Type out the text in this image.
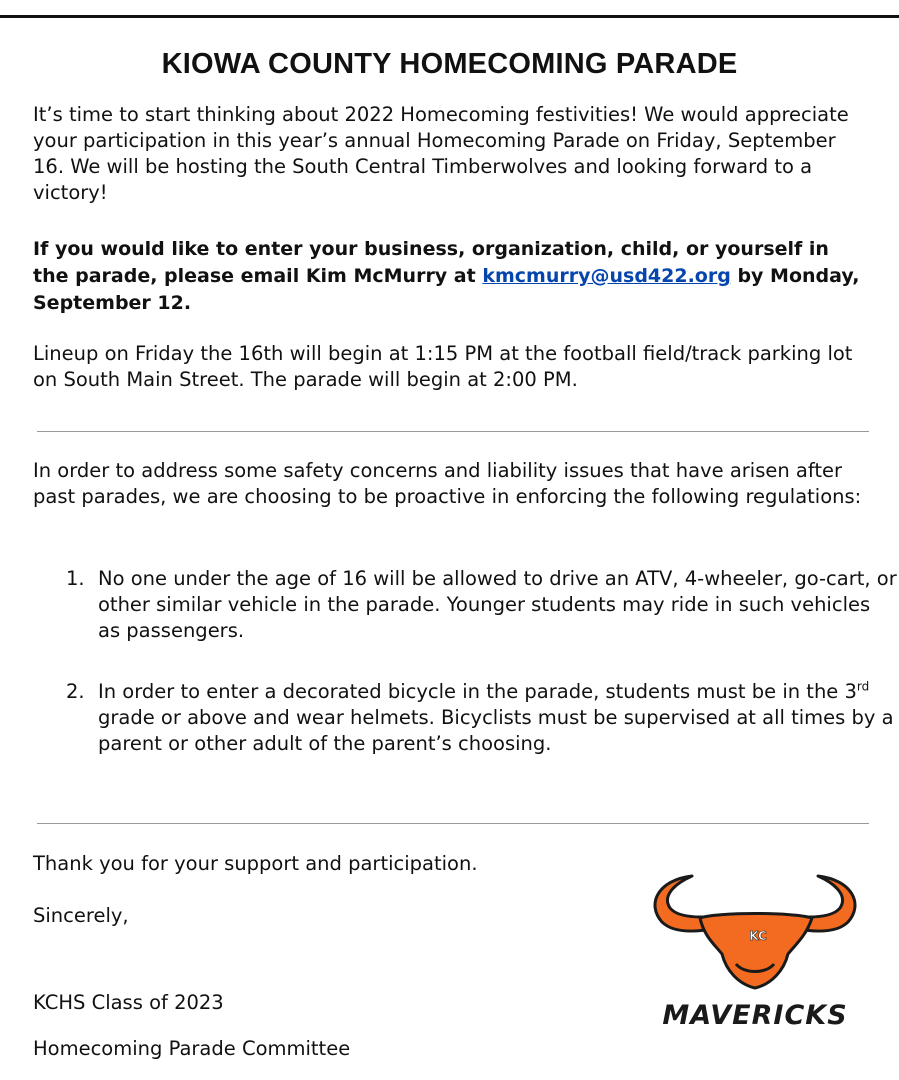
KIOWA COUNTY HOMECOMING PARADE
It’s time to start thinking about 2022 Homecoming festivities! We would appreciate your participation in this year’s annual Homecoming Parade on Friday, September 16. We will be hosting the South Central Timberwolves and looking forward to a victory!
If you would like to enter your business, organization, child, or yourself in the parade, please email Kim McMurry at kmcmurry@usd422.org by Monday, September 12.
Lineup on Friday the 16th will begin at 1:15 PM at the football field/track parking lot on South Main Street. The parade will begin at 2:00 PM.
In order to address some safety concerns and liability issues that have arisen after past parades, we are choosing to be proactive in enforcing the following regulations:
1. No one under the age of 16 will be allowed to drive an ATV, 4-wheeler, go-cart, or other similar vehicle in the parade. Younger students may ride in such vehicles as passengers.
2. In order to enter a decorated bicycle in the parade, students must be in the 3rd grade or above and wear helmets. Bicyclists must be supervised at all times by a parent or other adult of the parent’s choosing.
Thank you for your support and participation.
Sincerely,
KCHS Class of 2023
Homecoming Parade Committee
KC
MAVERICKS
